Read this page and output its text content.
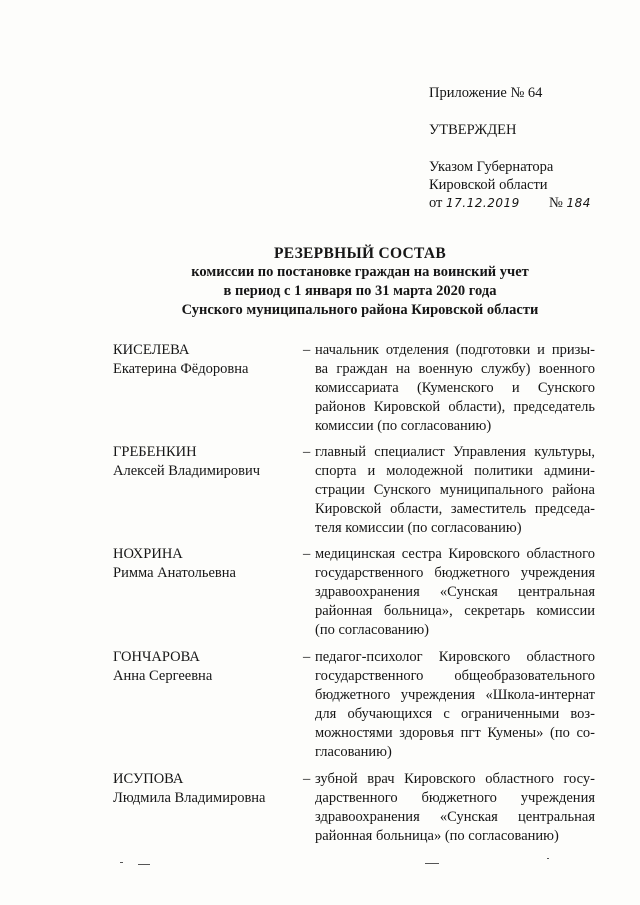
Приложение № 64
УТВЕРЖДЕН
Указом Губернатора
Кировской области
от 17.12.2019 № 184
РЕЗЕРВНЫЙ СОСТАВ
комиссии по постановке граждан на воинский учет
в период с 1 января по 31 марта 2020 года
Сунского муниципального района Кировской области
КИСЕЛЕВА
Екатерина Фёдоровна
– начальник отделения (подготовки и призы-
ва граждан на военную службу) военного
комиссариата (Куменского и Сунского
районов Кировской области), председатель
комиссии (по согласованию)
ГРЕБЕНКИН
Алексей Владимирович
– главный специалист Управления культуры,
спорта и молодежной политики админи-
страции Сунского муниципального района
Кировской области, заместитель председа-
теля комиссии (по согласованию)
НОХРИНА
Римма Анатольевна
– медицинская сестра Кировского областного
государственного бюджетного учреждения
здравоохранения «Сунская центральная
районная больница», секретарь комиссии
(по согласованию)
ГОНЧАРОВА
Анна Сергеевна
– педагог-психолог Кировского областного
государственного общеобразовательного
бюджетного учреждения «Школа-интернат
для обучающихся с ограниченными воз-
можностями здоровья пгт Кумены» (по со-
гласованию)
ИСУПОВА
Людмила Владимировна
– зубной врач Кировского областного госу-
дарственного бюджетного учреждения
здравоохранения «Сунская центральная
районная больница» (по согласованию)
